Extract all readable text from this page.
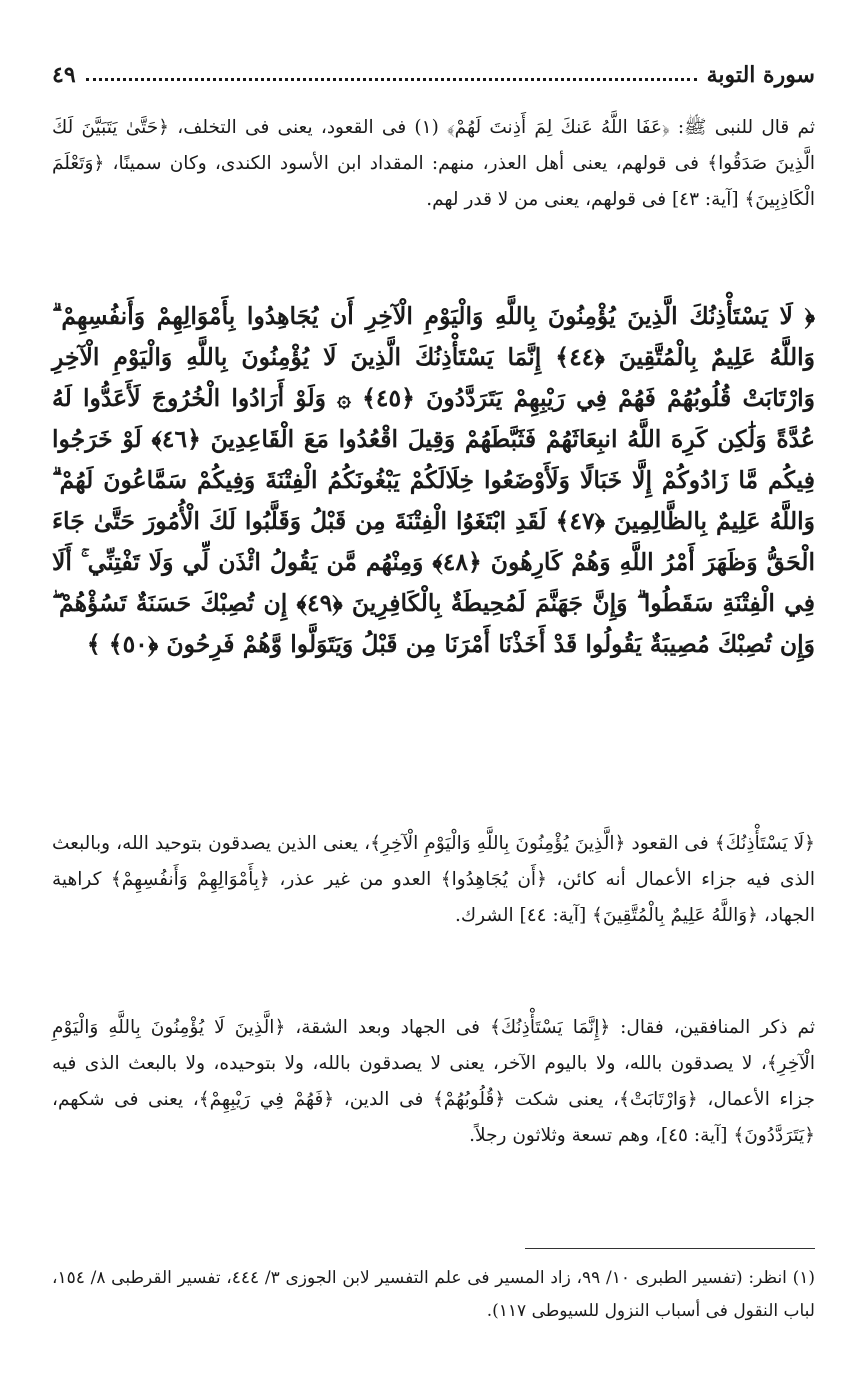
سورة التوبة
٤٩

ثم قال للنبى ﷺ: ﴿عَفَا اللَّهُ عَنكَ لِمَ أَذِنتَ لَهُمْ﴾ (١) فى القعود، يعنى فى التخلف، ﴿حَتَّىٰ يَتَبَيَّنَ لَكَ الَّذِينَ صَدَقُوا﴾ فى قولهم، يعنى أهل العذر، منهم: المقداد ابن الأسود الكندى، وكان سمينًا، ﴿وَتَعْلَمَ الْكَاذِبِينَ﴾ [آية: ٤٣] فى قولهم، يعنى من لا قدر لهم.

﴿ لَا يَسْتَأْذِنُكَ الَّذِينَ يُؤْمِنُونَ بِاللَّهِ وَالْيَوْمِ الْآخِرِ أَن يُجَاهِدُوا بِأَمْوَالِهِمْ وَأَنفُسِهِمْ ۗ وَاللَّهُ عَلِيمٌ بِالْمُتَّقِينَ ﴿٤٤﴾ إِنَّمَا يَسْتَأْذِنُكَ الَّذِينَ لَا يُؤْمِنُونَ بِاللَّهِ وَالْيَوْمِ الْآخِرِ وَارْتَابَتْ قُلُوبُهُمْ فَهُمْ فِي رَيْبِهِمْ يَتَرَدَّدُونَ ﴿٤٥﴾ ۞ وَلَوْ أَرَادُوا الْخُرُوجَ لَأَعَدُّوا لَهُ عُدَّةً وَلَٰكِن كَرِهَ اللَّهُ انبِعَاثَهُمْ فَثَبَّطَهُمْ وَقِيلَ اقْعُدُوا مَعَ الْقَاعِدِينَ ﴿٤٦﴾ لَوْ خَرَجُوا فِيكُم مَّا زَادُوكُمْ إِلَّا خَبَالًا وَلَأَوْضَعُوا خِلَالَكُمْ يَبْغُونَكُمُ الْفِتْنَةَ وَفِيكُمْ سَمَّاعُونَ لَهُمْ ۗ وَاللَّهُ عَلِيمٌ بِالظَّالِمِينَ ﴿٤٧﴾ لَقَدِ ابْتَغَوُا الْفِتْنَةَ مِن قَبْلُ وَقَلَّبُوا لَكَ الْأُمُورَ حَتَّىٰ جَاءَ الْحَقُّ وَظَهَرَ أَمْرُ اللَّهِ وَهُمْ كَارِهُونَ ﴿٤٨﴾ وَمِنْهُم مَّن يَقُولُ ائْذَن لِّي وَلَا تَفْتِنِّي ۚ أَلَا فِي الْفِتْنَةِ سَقَطُوا ۗ وَإِنَّ جَهَنَّمَ لَمُحِيطَةٌ بِالْكَافِرِينَ ﴿٤٩﴾ إِن تُصِبْكَ حَسَنَةٌ تَسُؤْهُمْ ۖ وَإِن تُصِبْكَ مُصِيبَةٌ يَقُولُوا قَدْ أَخَذْنَا أَمْرَنَا مِن قَبْلُ وَيَتَوَلَّوا وَّهُمْ فَرِحُونَ ﴿٥٠﴾ ﴾

﴿لَا يَسْتَأْذِنُكَ﴾ فى القعود ﴿الَّذِينَ يُؤْمِنُونَ بِاللَّهِ وَالْيَوْمِ الْآخِرِ﴾، يعنى الذين يصدقون بتوحيد الله، وبالبعث الذى فيه جزاء الأعمال أنه كائن، ﴿أَن يُجَاهِدُوا﴾ العدو من غير عذر، ﴿بِأَمْوَالِهِمْ وَأَنفُسِهِمْ﴾ كراهية الجهاد، ﴿وَاللَّهُ عَلِيمٌ بِالْمُتَّقِينَ﴾ [آية: ٤٤] الشرك.

ثم ذكر المنافقين، فقال: ﴿إِنَّمَا يَسْتَأْذِنُكَ﴾ فى الجهاد وبعد الشقة، ﴿الَّذِينَ لَا يُؤْمِنُونَ بِاللَّهِ وَالْيَوْمِ الْآخِرِ﴾، لا يصدقون بالله، ولا باليوم الآخر، يعنى لا يصدقون بالله، ولا بتوحيده، ولا بالبعث الذى فيه جزاء الأعمال، ﴿وَارْتَابَتْ﴾، يعنى شكت ﴿قُلُوبُهُمْ﴾ فى الدين، ﴿فَهُمْ فِي رَيْبِهِمْ﴾، يعنى فى شكهم، ﴿يَتَرَدَّدُونَ﴾ [آية: ٤٥]، وهم تسعة وثلاثون رجلاً.

(١) انظر: (تفسير الطبرى ١٠/ ٩٩، زاد المسير فى علم التفسير لابن الجوزى ٣/ ٤٤٤، تفسير القرطبى ٨/ ١٥٤، لباب النقول فى أسباب النزول للسيوطى ١١٧).
